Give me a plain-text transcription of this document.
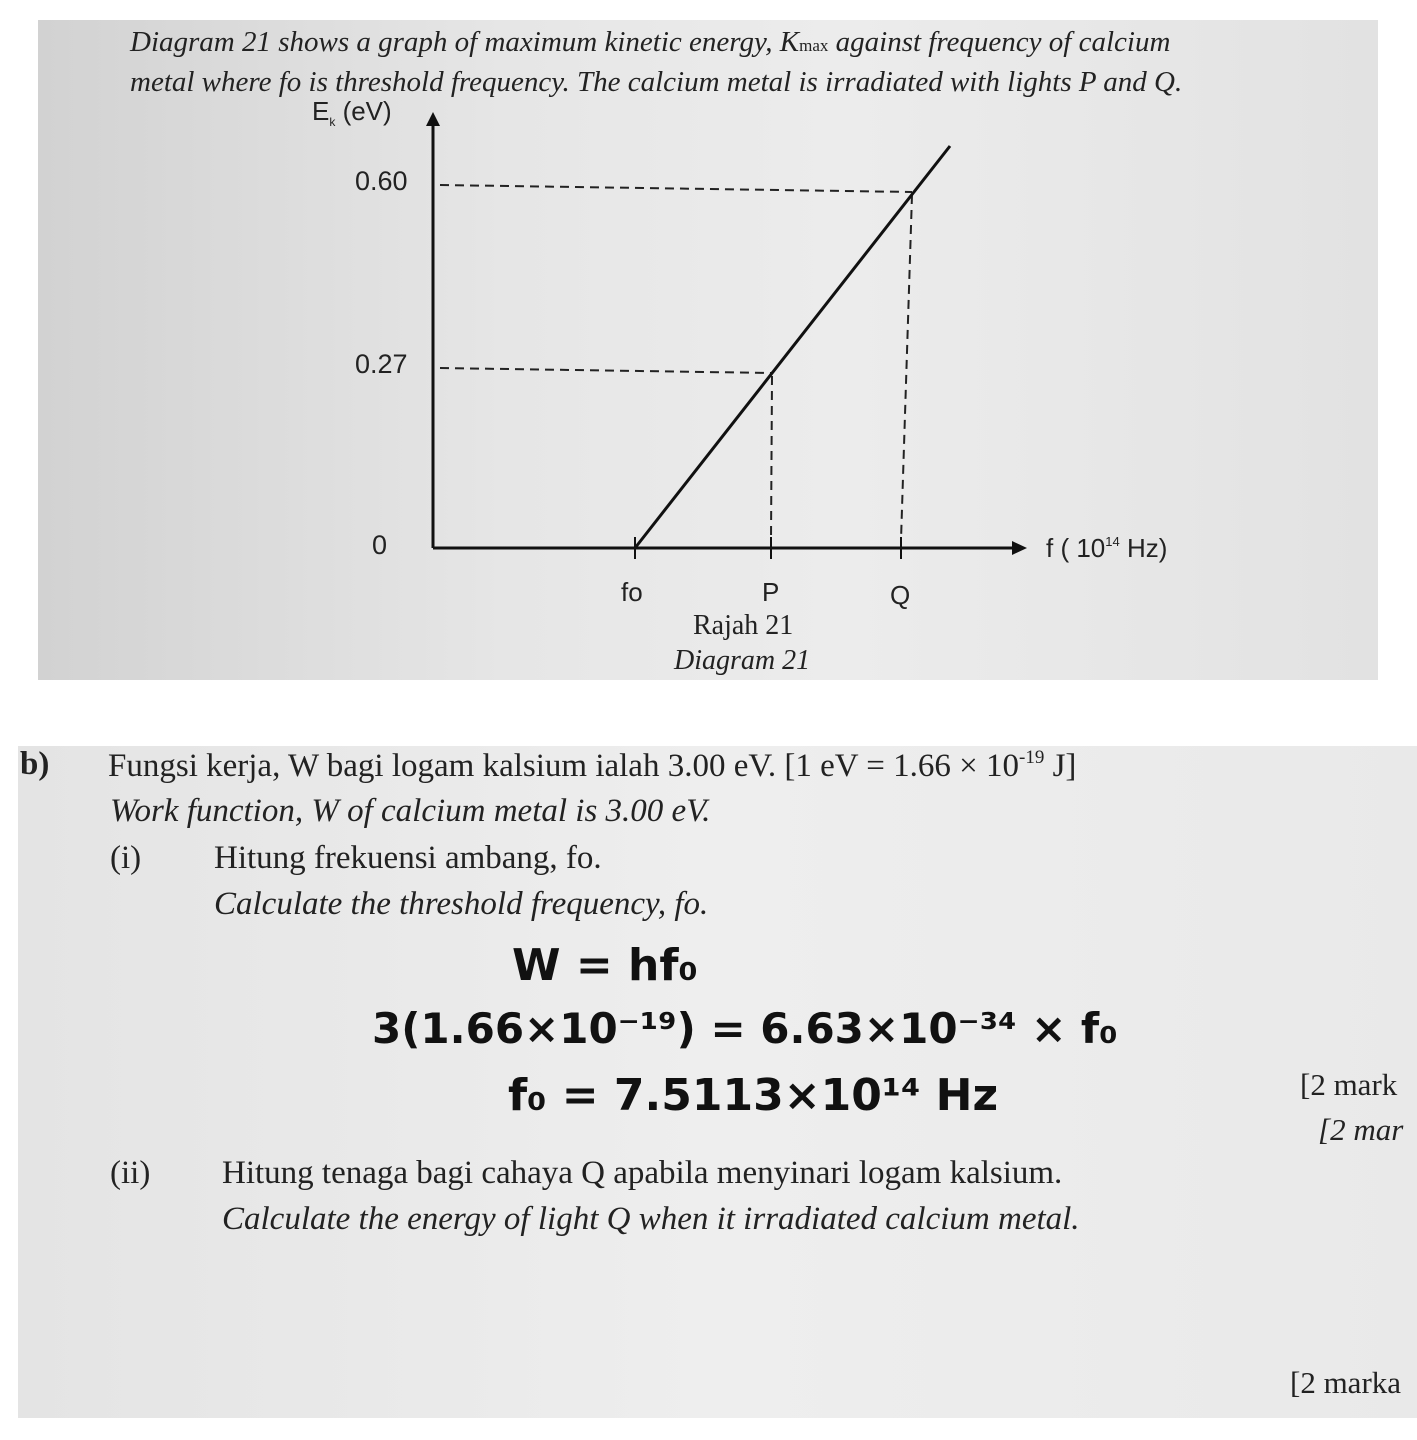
Diagram 21 shows a graph of maximum kinetic energy, Kmax against frequency of calcium
metal where fo is threshold frequency. The calcium metal is irradiated with lights P and Q.
$E_k$ (eV)
0.60
0.27
0
fo	P	Q
f ( $10^{14}$ Hz)
Rajah 21
Diagram 21
b) Fungsi kerja, W bagi logam kalsium ialah 3.00 eV. [1 eV = $1.66 \times 10^{-19}$ J]
Work function, W of calcium metal is 3.00 eV.
(i) Hitung frekuensi ambang, fo.
Calculate the threshold frequency, fo.
W = hf₀
3(1.66×10⁻¹⁹) = 6.63×10⁻³⁴ × f₀
f₀ = 7.5113×10¹⁴ Hz	[2 mark
[2 mar
(ii) Hitung tenaga bagi cahaya Q apabila menyinari logam kalsium.
Calculate the energy of light Q when it irradiated calcium metal.
[2 marka
